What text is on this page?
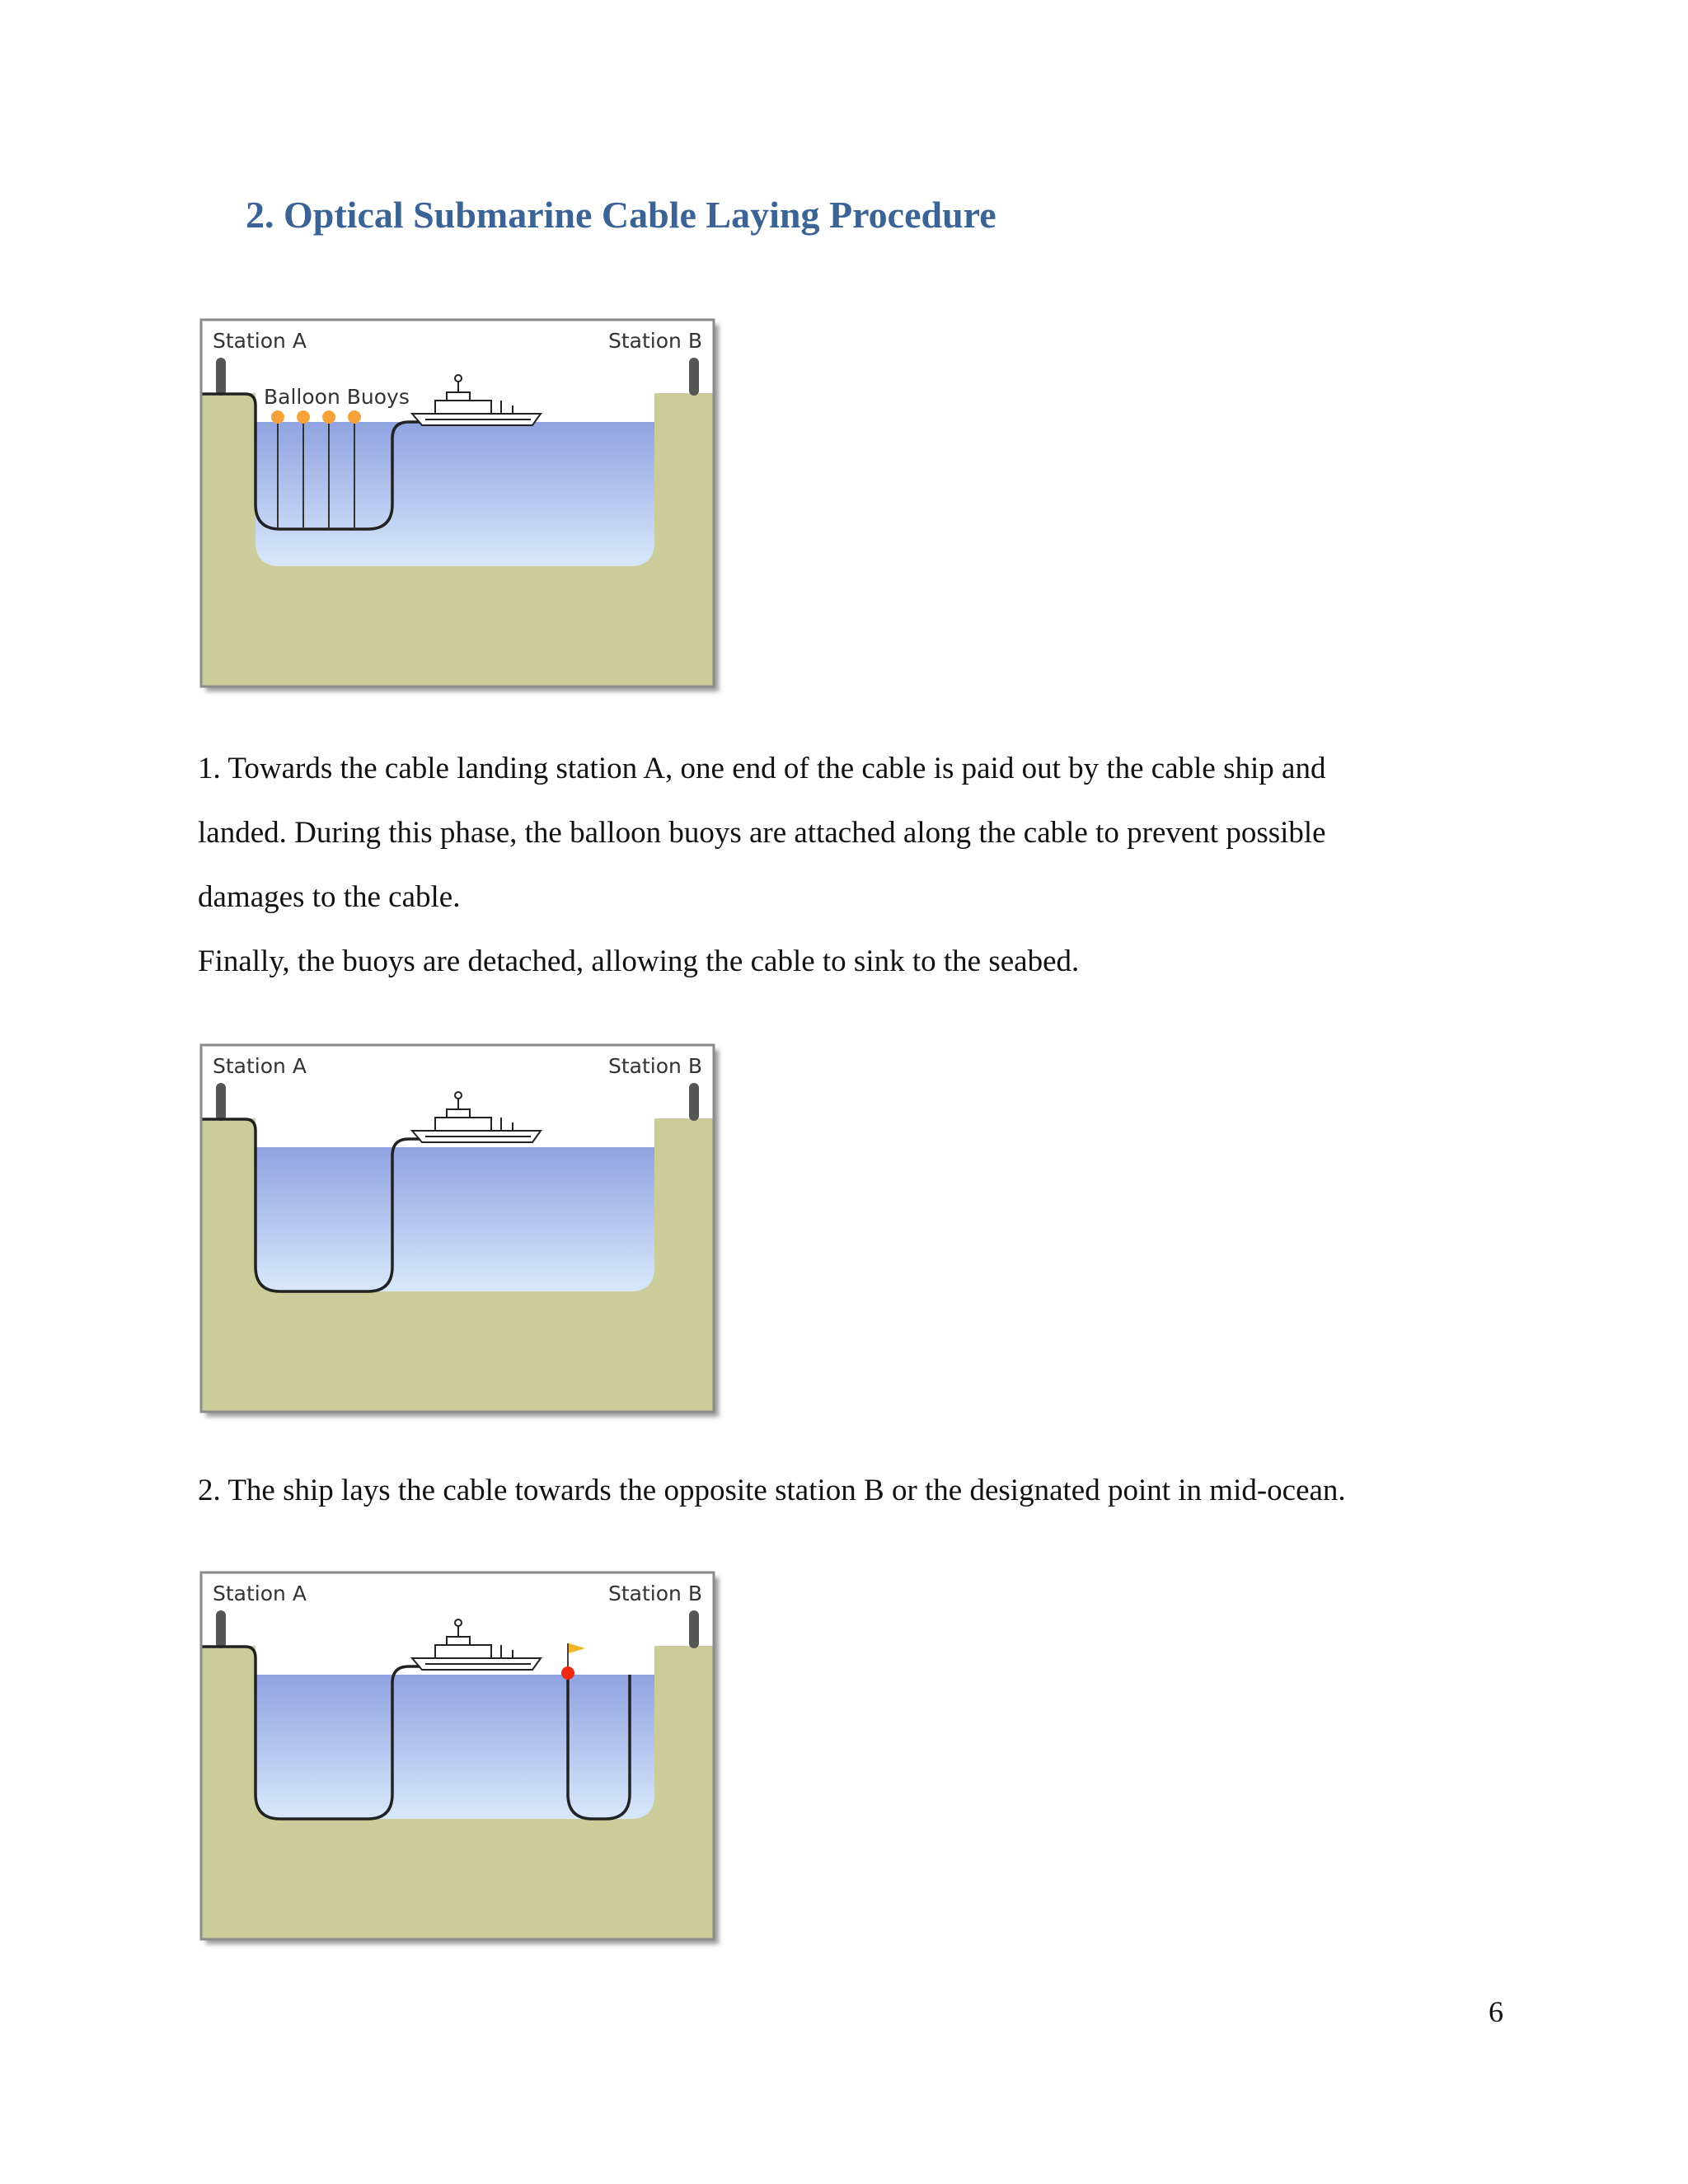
2. Optical Submarine Cable Laying Procedure
Station A	Station B
Balloon Buoys

1. Towards the cable landing station A, one end of the cable is paid out by the cable ship and

landed. During this phase, the balloon buoys are attached along the cable to prevent possible

damages to the cable.

Finally, the buoys are detached, allowing the cable to sink to the seabed.

Station A	Station B

2. The ship lays the cable towards the opposite station B or the designated point in mid-ocean.

Station A	Station B
6
